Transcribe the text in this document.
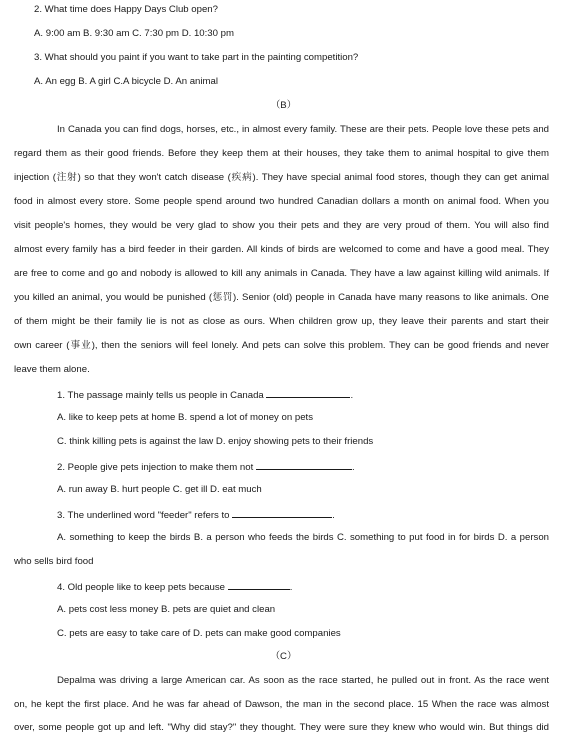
2. What time does Happy Days Club open?
A. 9:00 am B. 9:30 am C. 7:30 pm D. 10:30 pm
3. What should you paint if you want to take part in the painting competition?
A. An egg B. A girl C.A bicycle D. An animal
（B）
In Canada you can find dogs, horses, etc., in almost every family. These are their pets. People love these pets and
regard them as their good friends. Before they keep them at their houses, they take them to animal hospital to give them
injection (注射) so that they won't catch disease (疾病). They have special animal food stores, though they can get animal
food in almost every store. Some people spend around two hundred Canadian dollars a month on animal food. When you
visit people's homes, they would be very glad to show you their pets and they are very proud of them. You will also find
almost every family has a bird feeder in their garden. All kinds of birds are welcomed to come and have a good meal. They
are free to come and go and nobody is allowed to kill any animals in Canada. They have a law against killing wild animals. If
you killed an animal, you would be punished (惩罚). Senior (old) people in Canada have many reasons to like animals. One
of them might be their family lie is not as close as ours. When children grow up, they leave their parents and start their
own career (事业), then the seniors will feel lonely. And pets can solve this problem. They can be good friends and never
leave them alone.
1. The passage mainly tells us people in Canada	.
A. like to keep pets at home B. spend a lot of money on pets
C. think killing pets is against the law D. enjoy showing pets to their friends
2. People give pets injection to make them not	.
A. run away B. hurt people C. get ill D. eat much
3. The underlined word "feeder" refers to	.
A. something to keep the birds B. a person who feeds the birds C. something to put food in for birds D. a person
who sells bird food
4. Old people like to keep pets because	.
A. pets cost less money B. pets are quiet and clean
C. pets are easy to take care of D. pets can make good companies
（C）
Depalma was driving a large American car. As soon as the race started, he pulled out in front. As the race went
on, he kept the first place. And he was far ahead of Dawson, the man in the second place. 15 When the race was almost
over, some people got up and left. "Why did stay?" they thought. They were sure they knew who would win. But things did
